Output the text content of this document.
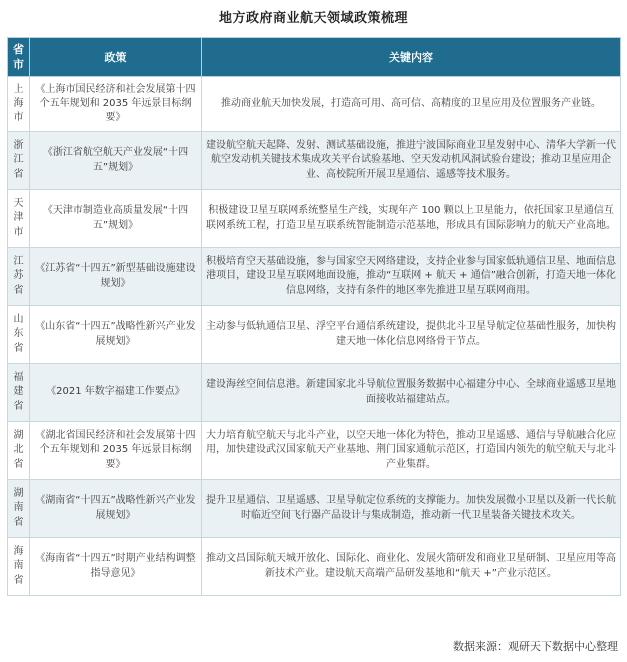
地方政府商业航天领域政策梳理
省市	政策	关键内容
上海市	《上海市国民经济和社会发展第十四个五年规划和 2035 年远景目标纲要》	推动商业航天加快发展，打造高可用、高可信、高精度的卫星应用及位置服务产业链。
浙江省	《浙江省航空航天产业发展“十四五”规划》	建设航空航天起降、发射、测试基础设施，推进宁波国际商业卫星发射中心、清华大学新一代航空发动机关键技术集成攻关平台试验基地、空天发动机风洞试验台建设；推动卫星应用企业、高校院所开展卫星通信、遥感等技术服务。
天津市	《天津市制造业高质量发展“十四五”规划》	积极建设卫星互联网系统整星生产线，实现年产 100 颗以上卫星能力，依托国家卫星通信互联网系统工程，打造卫星互联系统智能制造示范基地，形成具有国际影响力的航天产业高地。
江苏省	《江苏省“十四五”新型基础设施建设规划》	积极培育空天基础设施，参与国家空天网络建设，支持企业参与国家低轨通信卫星、地面信息港项目，建设卫星互联网地面设施，推动“互联网 + 航天 + 通信”融合创新，打造天地一体化信息网络，支持有条件的地区率先推进卫星互联网商用。
山东省	《山东省“十四五”战略性新兴产业发展规划》	主动参与低轨通信卫星、浮空平台通信系统建设，提供北斗卫星导航定位基础性服务，加快构建天地一体化信息网络骨干节点。
福建省	《2021 年数字福建工作要点》	建设海丝空间信息港。新建国家北斗导航位置服务数据中心福建分中心、全球商业遥感卫星地面接收站福建站点。
湖北省	《湖北省国民经济和社会发展第十四个五年规划和 2035 年远景目标纲要》	大力培育航空航天与北斗产业，以空天地一体化为特色，推动卫星遥感、通信与导航融合化应用，加快建设武汉国家航天产业基地、荆门国家通航示范区，打造国内领先的航空航天与北斗产业集群。
湖南省	《湖南省“十四五”战略性新兴产业发展规划》	提升卫星通信、卫星遥感、卫星导航定位系统的支撑能力。加快发展微小卫星以及新一代长航时临近空间飞行器产品设计与集成制造，推动新一代卫星装备关键技术攻关。
海南省	《海南省“十四五”时期产业结构调整指导意见》	推动文昌国际航天城开放化、国际化、商业化、发展火箭研发和商业卫星研制、卫星应用等高新技术产业。建设航天高端产品研发基地和“航天 +”产业示范区。
数据来源：观研天下数据中心整理
